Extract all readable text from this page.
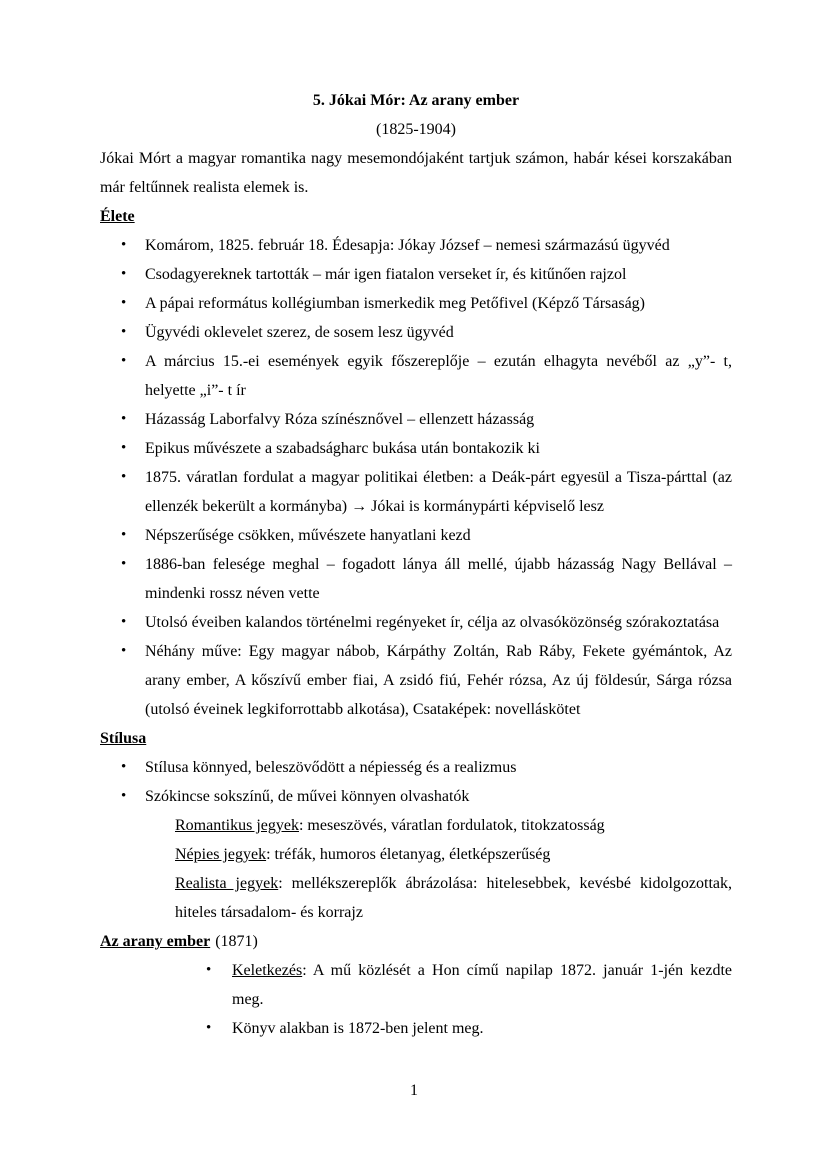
5. Jókai Mór: Az arany ember
(1825-1904)
Jókai Mórt a magyar romantika nagy mesemondójaként tartjuk számon, habár kései korszakában már feltűnnek realista elemek is.
Élete
• Komárom, 1825. február 18. Édesapja: Jókay József – nemesi származású ügyvéd
• Csodagyereknek tartották – már igen fiatalon verseket ír, és kitűnően rajzol
• A pápai református kollégiumban ismerkedik meg Petőfivel (Képző Társaság)
• Ügyvédi oklevelet szerez, de sosem lesz ügyvéd
• A március 15.-ei események egyik főszereplője – ezután elhagyta nevéből az „y”- t, helyette „i”- t ír
• Házasság Laborfalvy Róza színésznővel – ellenzett házasság
• Epikus művészete a szabadságharc bukása után bontakozik ki
• 1875. váratlan fordulat a magyar politikai életben: a Deák-párt egyesül a Tisza-párttal (az ellenzék bekerült a kormányba) → Jókai is kormánypárti képviselő lesz
• Népszerűsége csökken, művészete hanyatlani kezd
• 1886-ban felesége meghal – fogadott lánya áll mellé, újabb házasság Nagy Bellával – mindenki rossz néven vette
• Utolsó éveiben kalandos történelmi regényeket ír, célja az olvasóközönség szórakoztatása
• Néhány műve: Egy magyar nábob, Kárpáthy Zoltán, Rab Ráby, Fekete gyémántok, Az arany ember, A kőszívű ember fiai, A zsidó fiú, Fehér rózsa, Az új földesúr, Sárga rózsa (utolsó éveinek legkiforrottabb alkotása), Csataképek: novelláskötet
Stílusa
• Stílusa könnyed, beleszövődött a népiesség és a realizmus
• Szókincse sokszínű, de művei könnyen olvashatók
Romantikus jegyek: meseszövés, váratlan fordulatok, titokzatosság
Népies jegyek: tréfák, humoros életanyag, életképszerűség
Realista jegyek: mellékszereplők ábrázolása: hitelesebbek, kevésbé kidolgozottak, hiteles társadalom- és korrajz
Az arany ember (1871)
• Keletkezés: A mű közlését a Hon című napilap 1872. január 1-jén kezdte meg.
• Könyv alakban is 1872-ben jelent meg.
1
